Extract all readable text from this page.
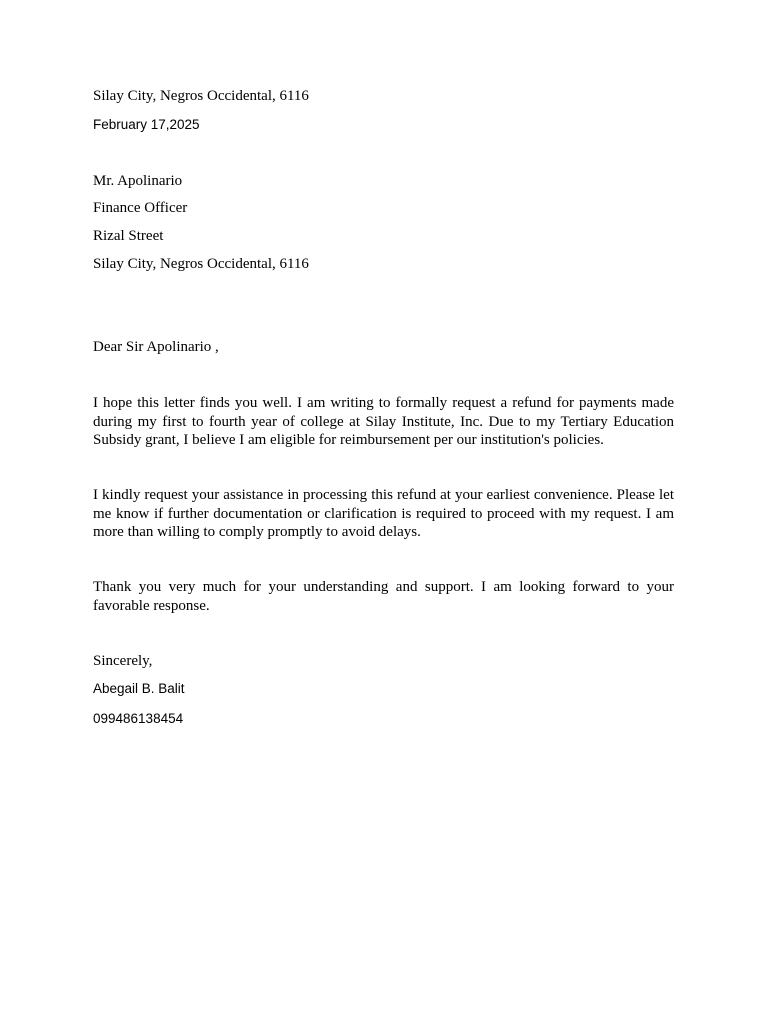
Silay City, Negros Occidental, 6116
February 17,2025
Mr. Apolinario
Finance Officer
Rizal Street
Silay City, Negros Occidental, 6116
Dear Sir Apolinario ,
I hope this letter finds you well. I am writing to formally request a refund for payments made during my first to fourth year of college at Silay Institute, Inc. Due to my Tertiary Education Subsidy grant, I believe I am eligible for reimbursement per our institution's policies.
I kindly request your assistance in processing this refund at your earliest convenience. Please let me know if further documentation or clarification is required to proceed with my request. I am more than willing to comply promptly to avoid delays.
Thank you very much for your understanding and support. I am looking forward to your favorable response.
Sincerely,
Abegail B. Balit
099486138454
